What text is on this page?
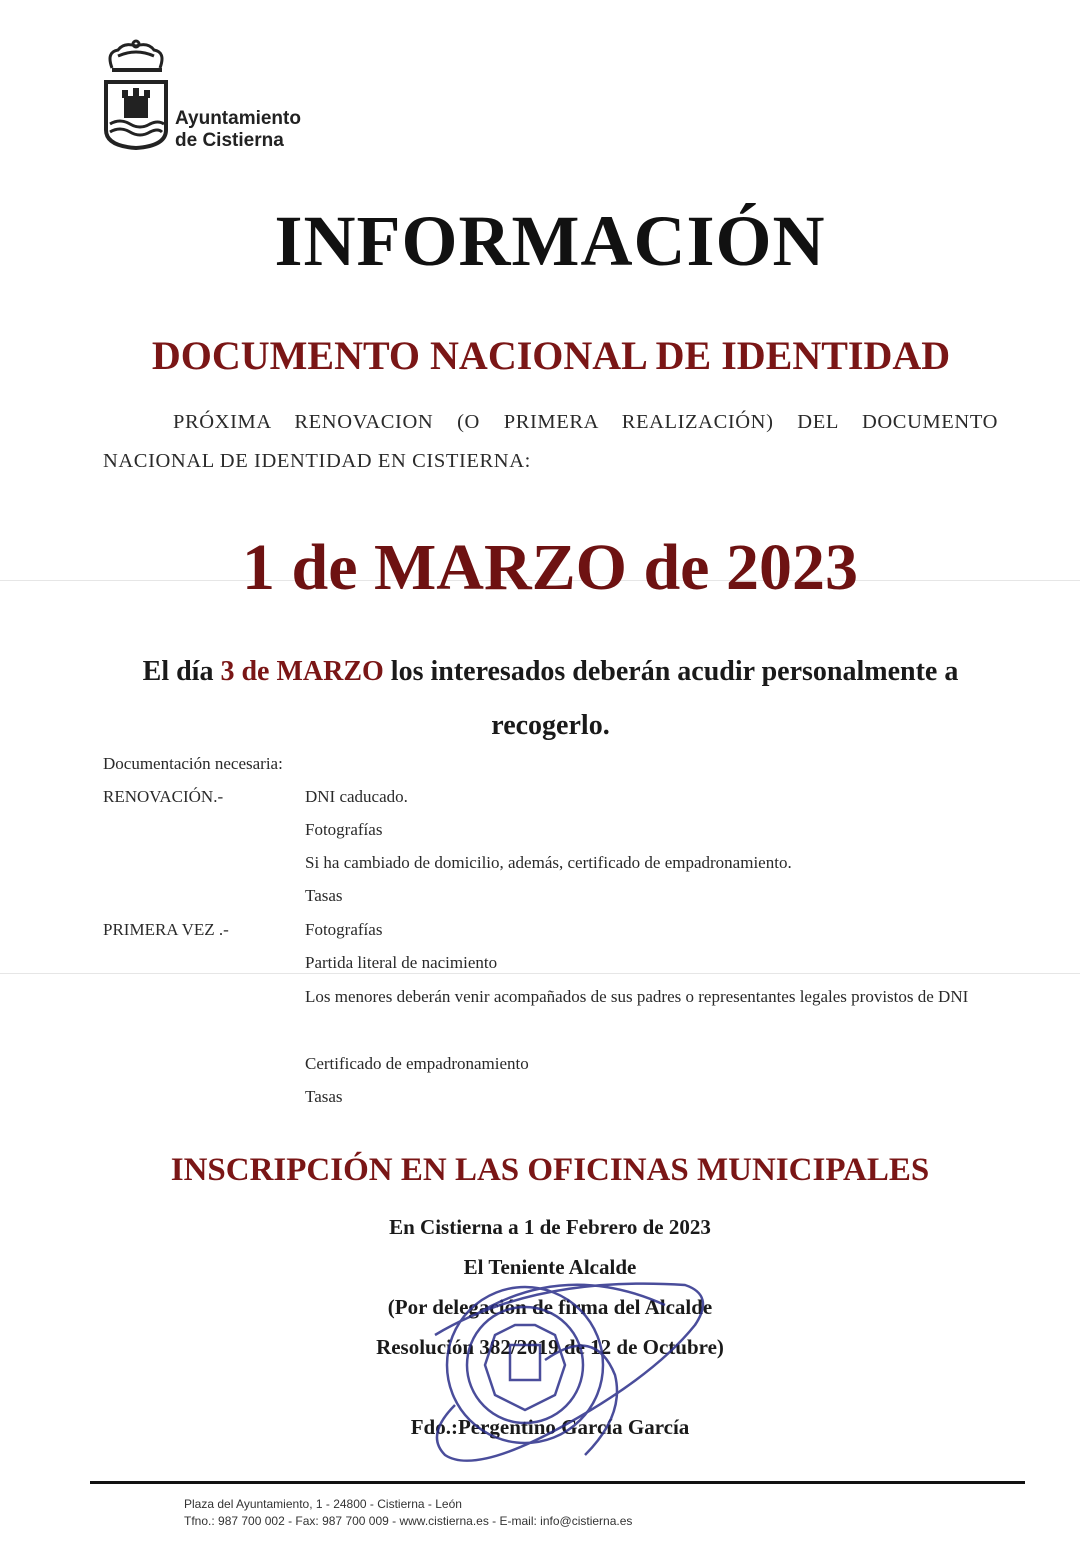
Ayuntamiento
de Cistierna
INFORMACIÓN
DOCUMENTO NACIONAL DE IDENTIDAD
PRÓXIMA RENOVACION (O PRIMERA REALIZACIÓN) DEL DOCUMENTO NACIONAL DE IDENTIDAD EN CISTIERNA:
1 de MARZO de 2023
El día 3 de MARZO los interesados deberán acudir personalmente a recogerlo.
Documentación necesaria:
RENOVACIÓN.-	DNI caducado.
Fotografías
Si ha cambiado de domicilio, además, certificado de empadronamiento.
Tasas
PRIMERA VEZ .-	Fotografías
Partida literal de nacimiento
Los menores deberán venir acompañados de sus padres o representantes legales provistos de DNI
Certificado de empadronamiento
Tasas
INSCRIPCIÓN EN LAS OFICINAS MUNICIPALES
En Cistierna a 1 de Febrero de 2023
El Teniente Alcalde
(Por delegación de firma del Alcalde
Resolución 382/2019 de 12 de Octubre)
Fdo.:Pergentino García García
Plaza del Ayuntamiento, 1 - 24800 - Cistierna - León
Tfno.: 987 700 002 - Fax: 987 700 009 - www.cistierna.es - E-mail: info@cistierna.es
